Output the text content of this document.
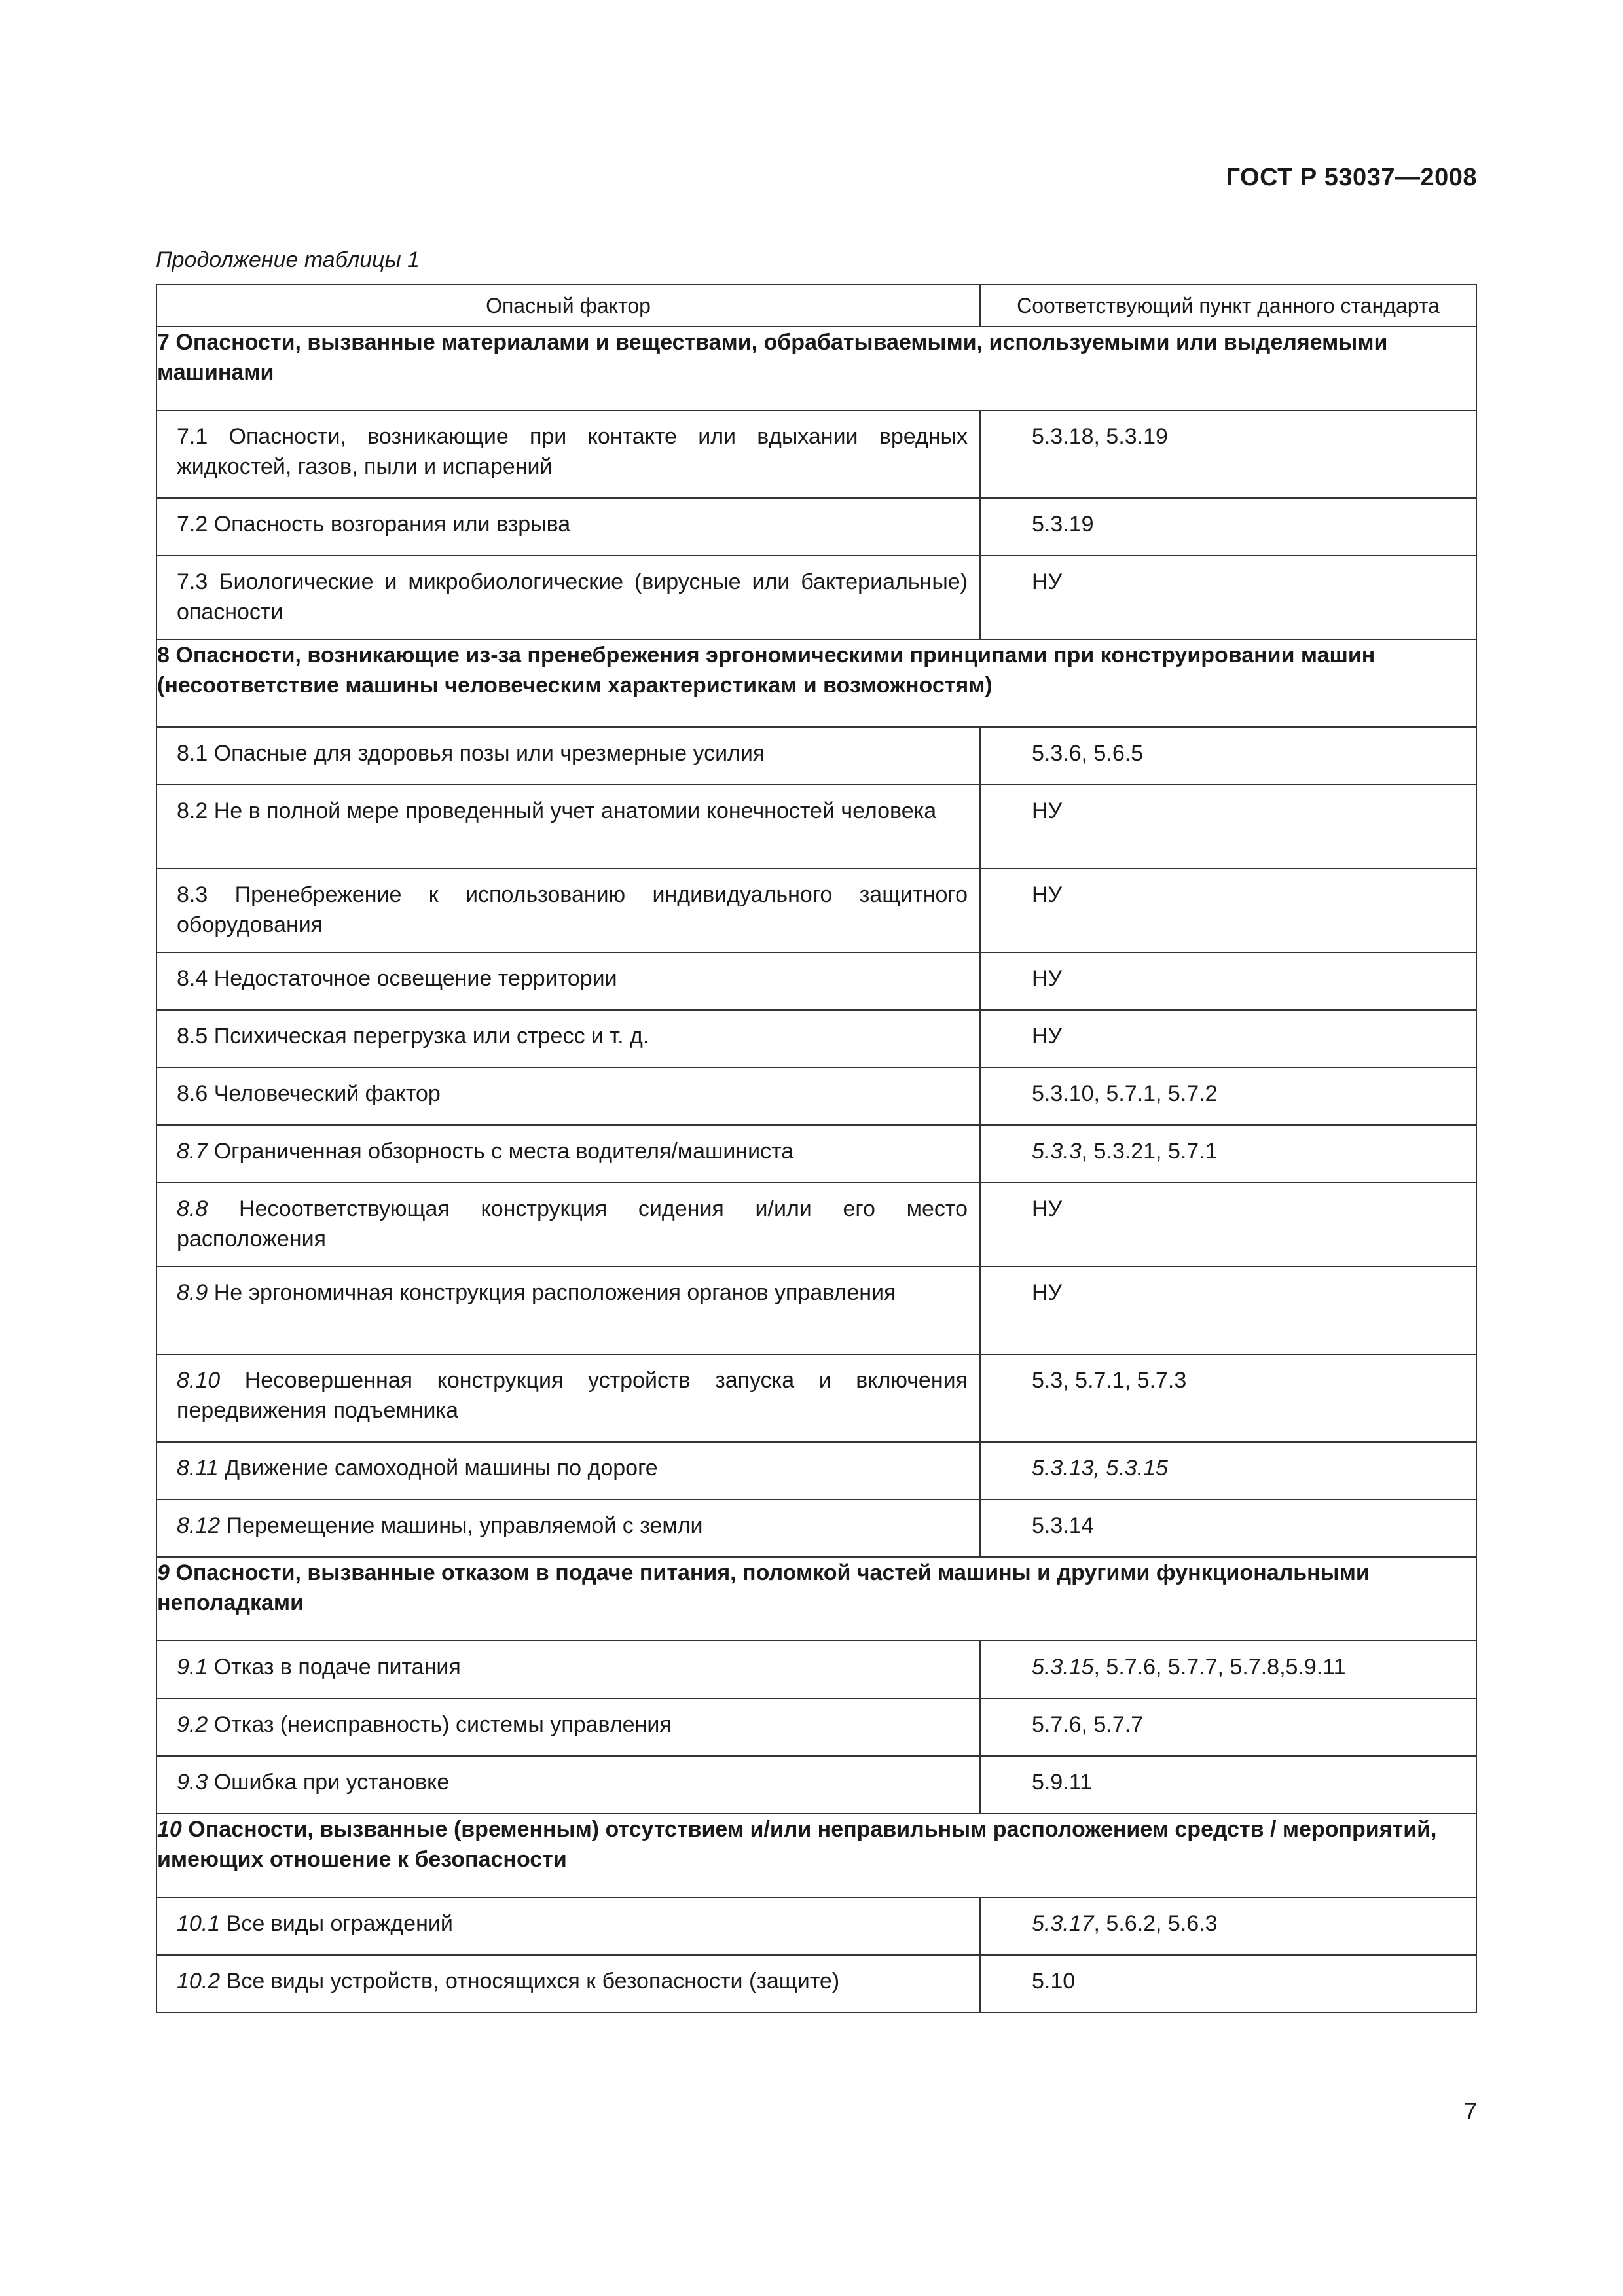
ГОСТ Р 53037—2008
Продолжение таблицы 1
Опасный фактор	Соответствующий пункт данного стандарта
7 Опасности, вызванные материалами и веществами, обрабатываемыми, используемыми или выделяемыми машинами	

7.1 Опасности, возникающие при контакте или вдыхании вредных жидкостей, газов, пыли и испарений	5.3.18, 5.3.19

7.2 Опасность возгорания или взрыва	5.3.19

7.3 Биологические и микробиологические (вирусные или бактериальные) опасности	НУ

8 Опасности, возникающие из-за пренебрежения эргономическими принципами при конструировании машин (несоответствие машины человеческим характеристикам и возможностям)	

8.1 Опасные для здоровья позы или чрезмерные усилия	5.3.6, 5.6.5

8.2 Не в полной мере проведенный учет анатомии конечностей человека	НУ

8.3 Пренебрежение к использованию индивидуального защитного оборудования	НУ

8.4 Недостаточное освещение территории	НУ

8.5 Психическая перегрузка или стресс и т. д.	НУ

8.6 Человеческий фактор	5.3.10, 5.7.1, 5.7.2

8.7 Ограниченная обзорность с места водителя/машиниста	5.3.3, 5.3.21, 5.7.1

8.8 Несоответствующая конструкция сидения и/или его место расположения	НУ

8.9 Не эргономичная конструкция расположения органов управления	НУ

8.10 Несовершенная конструкция устройств запуска и включения передвижения подъемника	5.3, 5.7.1, 5.7.3

8.11 Движение самоходной машины по дороге	5.3.13, 5.3.15

8.12 Перемещение машины, управляемой с земли	5.3.14

9 Опасности, вызванные отказом в подаче питания, поломкой частей машины и другими функциональными неполадками	

9.1 Отказ в подаче питания	5.3.15, 5.7.6, 5.7.7, 5.7.8,5.9.11

9.2 Отказ (неисправность) системы управления	5.7.6, 5.7.7

9.3 Ошибка при установке	5.9.11

10 Опасности, вызванные (временным) отсутствием и/или неправильным расположением средств / мероприятий, имеющих отношение к безопасности	

10.1 Все виды ограждений	5.3.17, 5.6.2, 5.6.3

10.2 Все виды устройств, относящихся к безопасности (защите)	5.10
7
